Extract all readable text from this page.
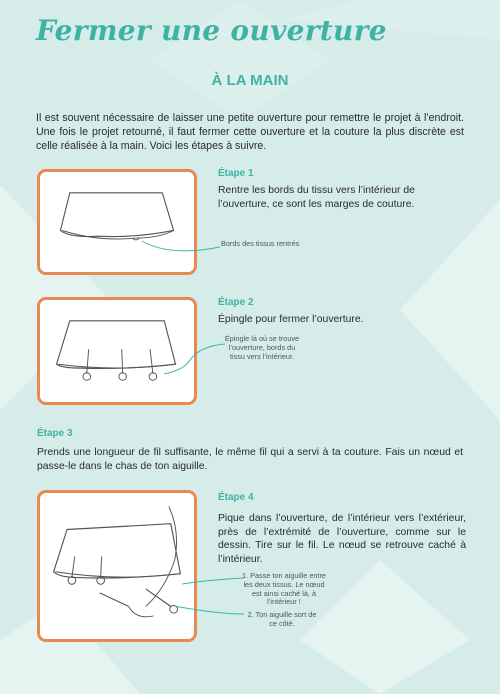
Fermer une ouverture
À LA MAIN
Il est souvent nécessaire de laisser une petite ouverture pour remettre le projet à l’endroit. Une fois le projet retourné, il faut fermer cette ouverture et la couture la plus discrète est celle réalisée à la main. Voici les étapes à suivre.
Étape 1
Rentre les bords du tissu vers l’intérieur de l’ouverture, ce sont les marges de couture.
Bords des tissus rentrés
Étape 2
Épingle pour fermer l’ouverture.
Épingle là où se trouve l’ouverture, bords du tissu vers l’intérieur.
Étape 3
Prends une longueur de fil suffisante, le même fil qui a servi à ta couture. Fais un nœud et passe-le dans le chas de ton aiguille.
Étape 4
Pique dans l’ouverture, de l’intérieur vers l’extérieur, près de l’extrémité de l’ouverture, comme sur le dessin. Tire sur le fil. Le nœud se retrouve caché à l’intérieur.
1. Passe ton aiguille entre les deux tissus. Le nœud est ainsi caché là, à l’intérieur !
2. Ton aiguille sort de ce côté.
